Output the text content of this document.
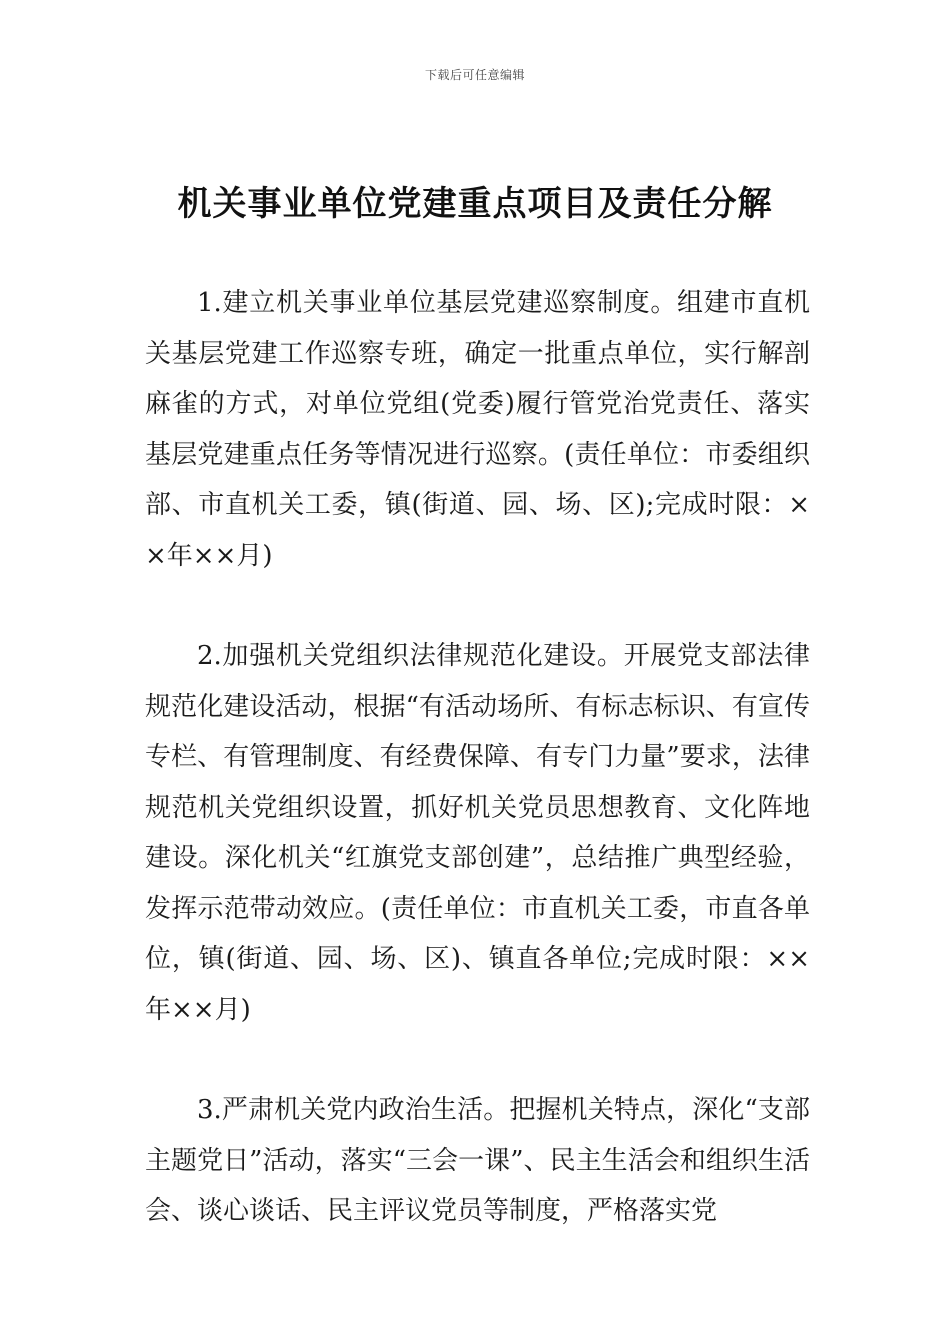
下载后可任意编辑
机关事业单位党建重点项目及责任分解

1.建立机关事业单位基层党建巡察制度。组建市直机关基层党建工作巡察专班，确定一批重点单位，实行解剖麻雀的方式，对单位党组(党委)履行管党治党责任、落实基层党建重点任务等情况进行巡察。(责任单位：市委组织部、市直机关工委，镇(街道、园、场、区);完成时限：××年××月)

2.加强机关党组织法律规范化建设。开展党支部法律规范化建设活动，根据“有活动场所、有标志标识、有宣传专栏、有管理制度、有经费保障、有专门力量”要求，法律规范机关党组织设置，抓好机关党员思想教育、文化阵地建设。深化机关“红旗党支部创建”，总结推广典型经验，发挥示范带动效应。(责任单位：市直机关工委，市直各单位，镇(街道、园、场、区)、镇直各单位;完成时限：××年××月)

3.严肃机关党内政治生活。把握机关特点，深化“支部主题党日”活动，落实“三会一课”、民主生活会和组织生活会、谈心谈话、民主评议党员等制度，严格落实党
